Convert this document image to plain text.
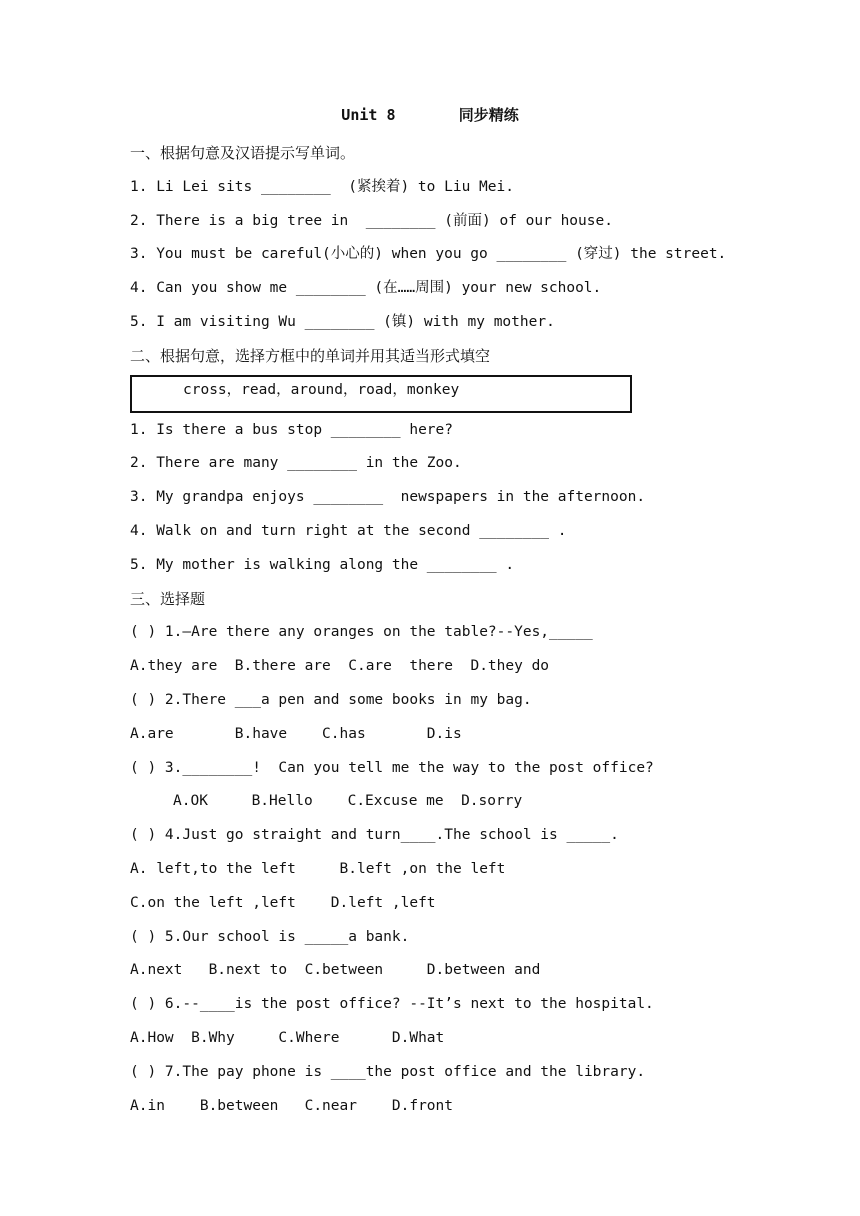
Unit 8       同步精练
一、根据句意及汉语提示写单词。
1. Li Lei sits ________  (紧挨着) to Liu Mei.
2. There is a big tree in  ________ (前面) of our house.
3. You must be careful(小心的) when you go ________ (穿过) the street.
4. Can you show me ________ (在……周围) your new school.
5. I am visiting Wu ________ (镇) with my mother.
二、根据句意，选择方框中的单词并用其适当形式填空
cross，read，around，road，monkey
1. Is there a bus stop ________ here?
2. There are many ________ in the Zoo.
3. My grandpa enjoys ________  newspapers in the afternoon.
4. Walk on and turn right at the second ________ .
5. My mother is walking along the ________ .
三、选择题
( ) 1.—Are there any oranges on the table?--Yes,_____
A.they are  B.there are  C.are  there  D.they do
( ) 2.There ___a pen and some books in my bag.
A.are       B.have    C.has       D.is
( ) 3.________!  Can you tell me the way to the post office?
A.OK     B.Hello    C.Excuse me  D.sorry
( ) 4.Just go straight and turn____.The school is _____.
A. left,to the left     B.left ,on the left
C.on the left ,left    D.left ,left
( ) 5.Our school is _____a bank.
A.next   B.next to  C.between     D.between and
( ) 6.--____is the post office? --It’s next to the hospital.
A.How  B.Why     C.Where      D.What
( ) 7.The pay phone is ____the post office and the library.
A.in    B.between   C.near    D.front
